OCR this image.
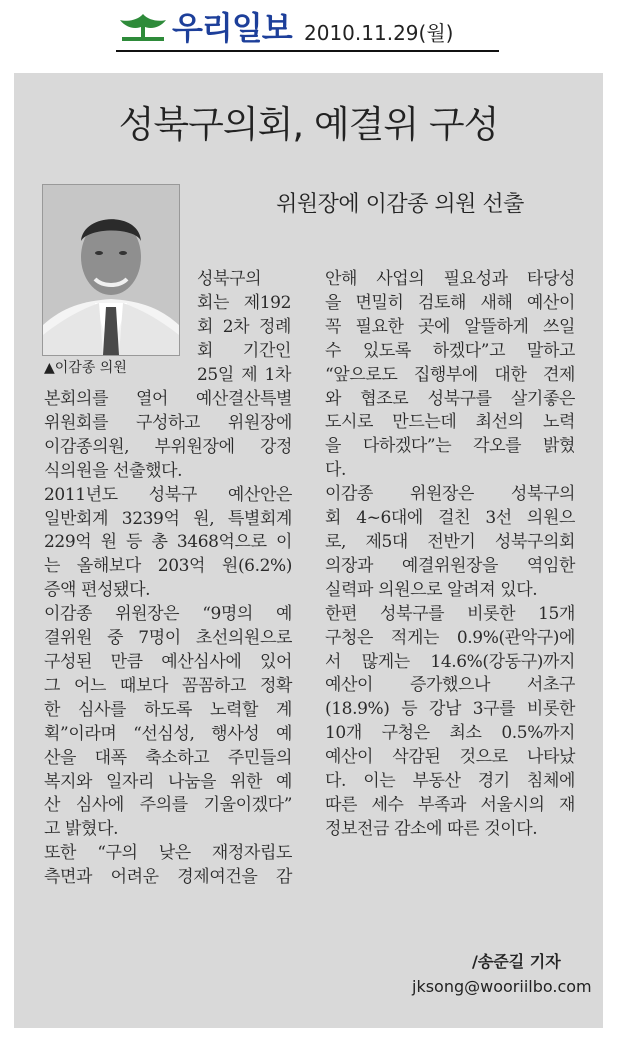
우리일보 2010.11.29(월)
성북구의회, 예결위 구성
위원장에 이감종 의원 선출
▲이감종 의원
성북구의
회는 제192
회 2차 정례
회 기간인
25일 제 1차
본회의를 열어 예산결산특별
위원회를 구성하고 위원장에
이감종의원, 부위원장에 강정
식의원을 선출했다.
2011년도 성북구 예산안은
일반회계 3239억 원, 특별회계
229억 원 등 총 3468억으로 이
는 올해보다 203억 원(6.2%)
증액 편성됐다.
이감종 위원장은 “9명의 예
결위원 중 7명이 초선의원으로
구성된 만큼 예산심사에 있어
그 어느 때보다 꼼꼼하고 정확
한 심사를 하도록 노력할 계
획”이라며 “선심성, 행사성 예
산을 대폭 축소하고 주민들의
복지와 일자리 나눔을 위한 예
산 심사에 주의를 기울이겠다”
고 밝혔다.
또한 “구의 낮은 재정자립도
측면과 어려운 경제여건을 감
안해 사업의 필요성과 타당성
을 면밀히 검토해 새해 예산이
꼭 필요한 곳에 알뜰하게 쓰일
수 있도록 하겠다”고 말하고
“앞으로도 집행부에 대한 견제
와 협조로 성북구를 살기좋은
도시로 만드는데 최선의 노력
을 다하겠다”는 각오를 밝혔
다.
이감종 위원장은 성북구의
회 4~6대에 걸친 3선 의원으
로, 제5대 전반기 성북구의회
의장과 예결위원장을 역임한
실력파 의원으로 알려져 있다.
한편 성북구를 비롯한 15개
구청은 적게는 0.9%(관악구)에
서 많게는 14.6%(강동구)까지
예산이 증가했으나 서초구
(18.9%) 등 강남 3구를 비롯한
10개 구청은 최소 0.5%까지
예산이 삭감된 것으로 나타났
다. 이는 부동산 경기 침체에
따른 세수 부족과 서울시의 재
정보전금 감소에 따른 것이다.
/송준길 기자
jksong@wooriilbo.com
